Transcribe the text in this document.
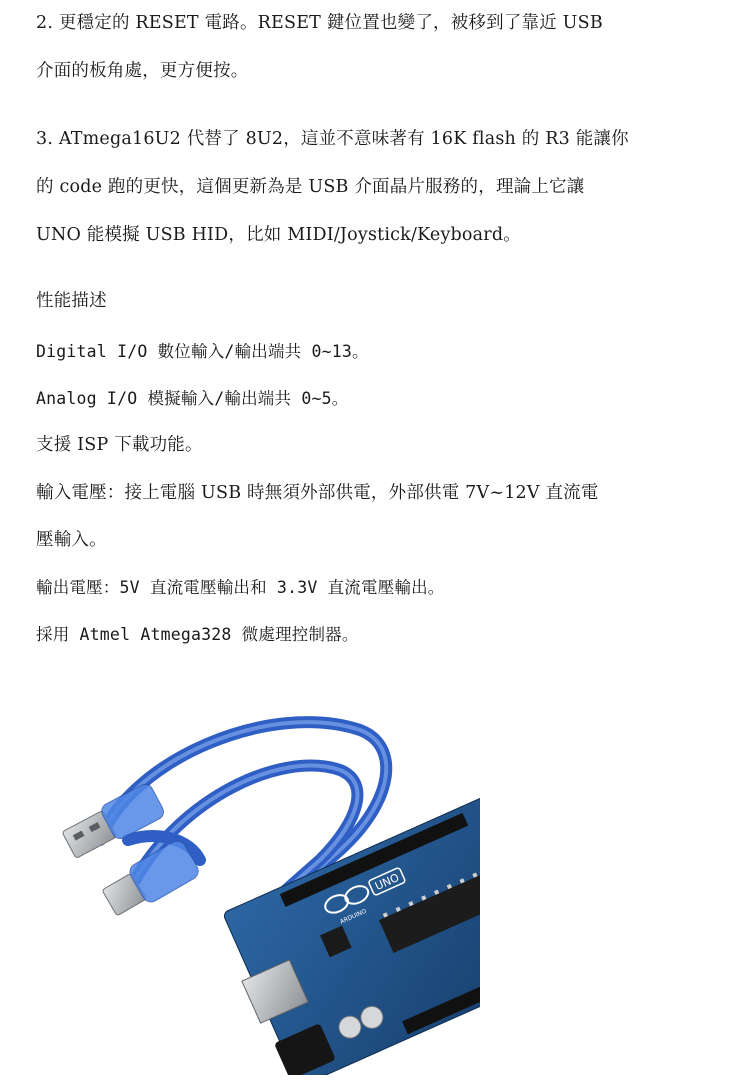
2. 更穩定的 RESET 電路。RESET 鍵位置也變了，被移到了靠近 USB
介面的板角處，更方便按。
3. ATmega16U2 代替了 8U2，這並不意味著有 16K flash 的 R3 能讓你
的 code 跑的更快，這個更新為是 USB 介面晶片服務的，理論上它讓
UNO 能模擬 USB HID，比如 MIDI/Joystick/Keyboard。
性能描述
Digital I/O 數位輸入/輸出端共 0~13。
Analog I/O 模擬輸入/輸出端共 0~5。
支援 ISP 下載功能。
輸入電壓：接上電腦 USB 時無須外部供電，外部供電 7V~12V 直流電
壓輸入。
輸出電壓：5V 直流電壓輸出和 3.3V 直流電壓輸出。
採用 Atmel Atmega328 微處理控制器。
UNO
ARDUINO
